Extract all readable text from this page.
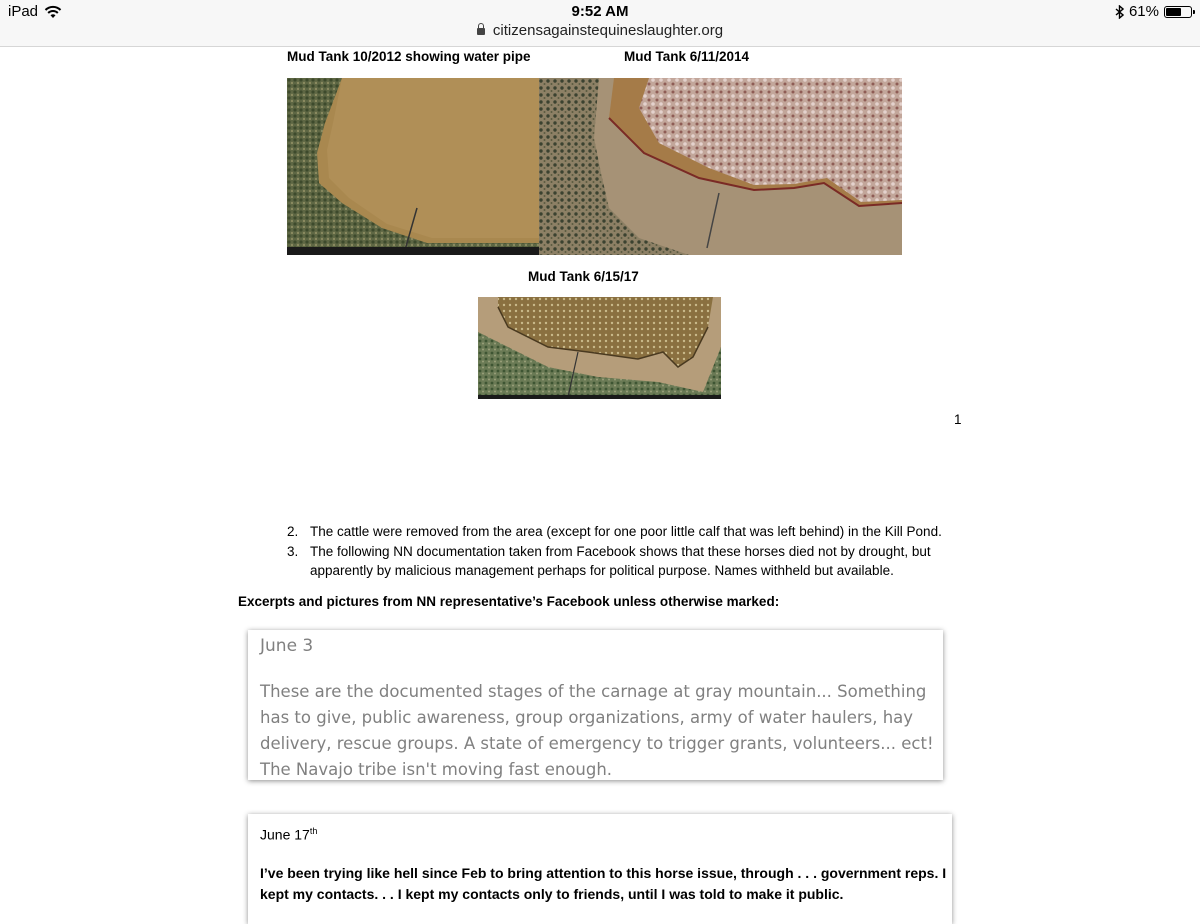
iPad	9:52 AM	61%
citizensagainstequineslaughter.org
Mud Tank 10/2012 showing water pipe	Mud Tank 6/11/2014
Mud Tank 6/15/17
1
2. The cattle were removed from the area (except for one poor little calf that was left behind) in the Kill Pond.
3. The following NN documentation taken from Facebook shows that these horses died not by drought, but apparently by malicious management perhaps for political purpose. Names withheld but available.
Excerpts and pictures from NN representative’s Facebook unless otherwise marked:
June 3
These are the documented stages of the carnage at gray mountain... Something has to give, public awareness, group organizations, army of water haulers, hay delivery, rescue groups. A state of emergency to trigger grants, volunteers... ect! The Navajo tribe isn't moving fast enough.
June 17th
I’ve been trying like hell since Feb to bring attention to this horse issue, through . . . government reps. I kept my contacts. . . I kept my contacts only to friends, until I was told to make it public.
